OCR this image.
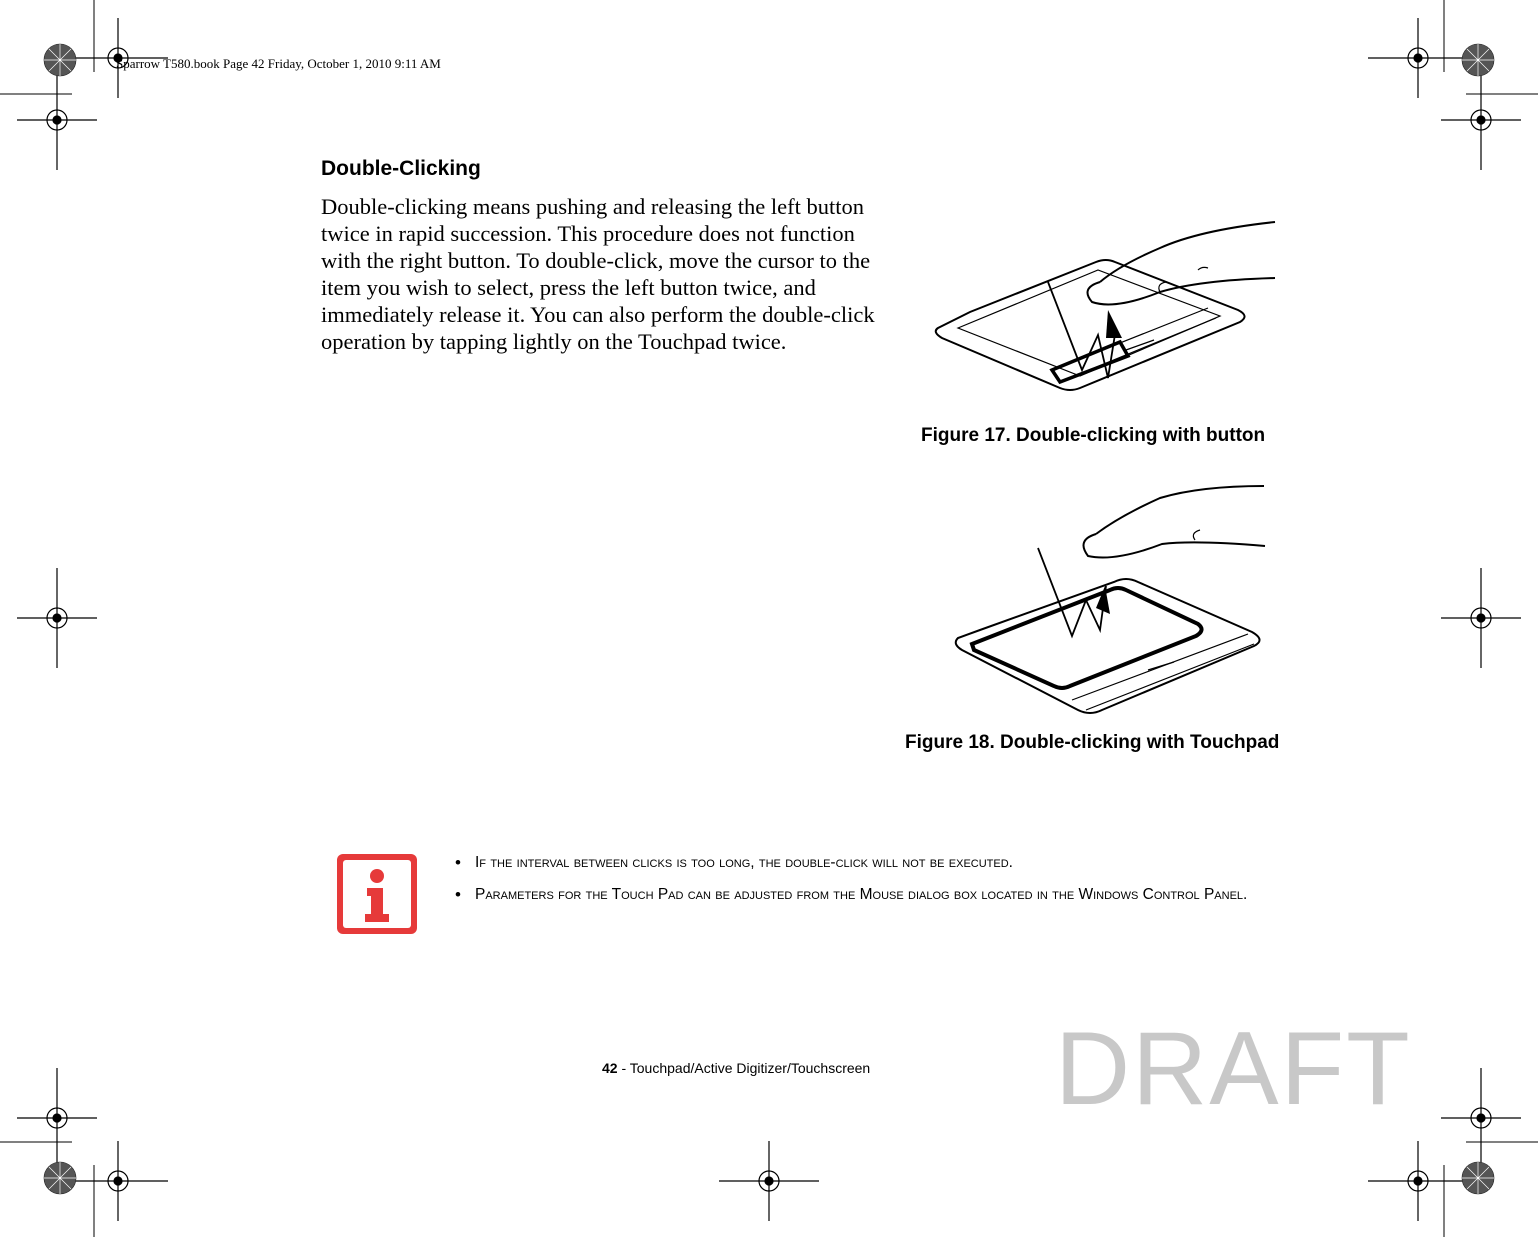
Sparrow T580.book Page 42 Friday, October 1, 2010 9:11 AM
Double-Clicking
Double-clicking means pushing and releasing the left button twice in rapid succession. This procedure does not function with the right button. To double-click, move the cursor to the item you wish to select, press the left button twice, and immediately release it. You can also perform the double-click operation by tapping lightly on the Touchpad twice.
Figure 17. Double-clicking with button
Figure 18. Double-clicking with Touchpad
• If the interval between clicks is too long, the double-click will not be executed.
• Parameters for the Touch Pad can be adjusted from the Mouse dialog box located in the Windows Control Panel.
42 - Touchpad/Active Digitizer/Touchscreen DRAFT
